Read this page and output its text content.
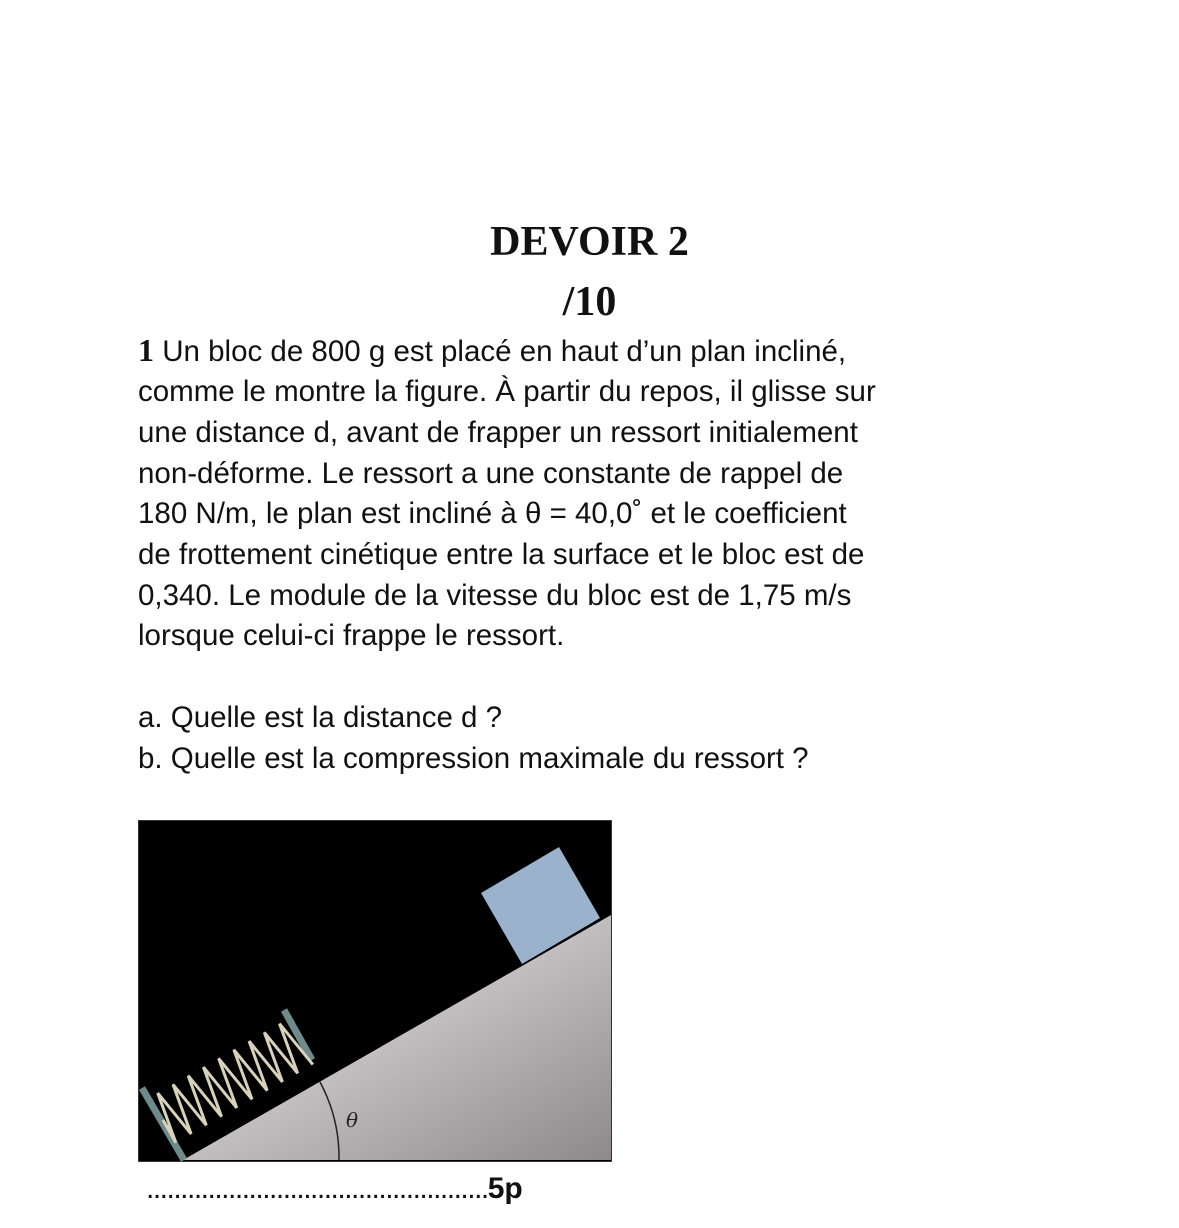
DEVOIR 2
/10
1 Un bloc de 800 g est placé en haut d’un plan incliné,
comme le montre la figure. À partir du repos, il glisse sur
une distance d, avant de frapper un ressort initialement
non-déforme. Le ressort a une constante de rappel de
180 N/m, le plan est incliné à θ = 40,0˚ et le coefficient
de frottement cinétique entre la surface et le bloc est de
0,340. Le module de la vitesse du bloc est de 1,75 m/s
lorsque celui-ci frappe le ressort.
a. Quelle est la distance d ?
b. Quelle est la compression maximale du ressort ?
θ
..................................................5p
